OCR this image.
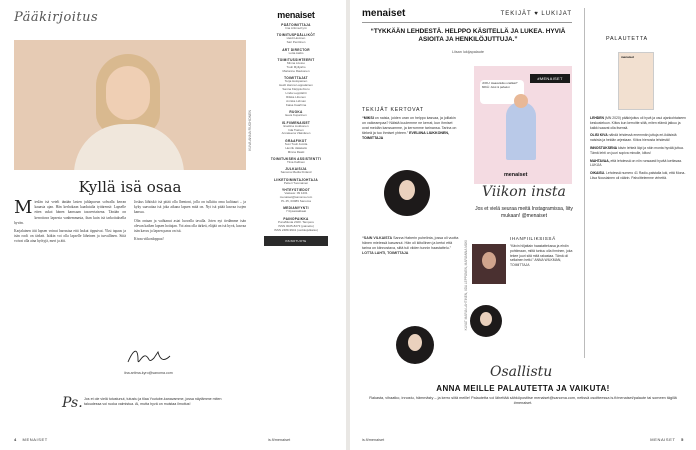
Pääkirjoitus
KUVA ANNA RUOHONEN
Kyllä isä osaa

Mieslän isä veteli tänään lasten juhlapuvun sohvalla kerran kauasta ajan. Hän kerhokaan kaadutulia tyttärensä: Lapselle etten uskoi hänen kanssaan tasavertaisena. Tänään on kerrottava lapsesta vanhemmasta, ihan kuin isä tarkoituksella hyvän.

Karjalainen äiti lapsen voinut harrastaa että laskut tippuivat. Yksi tapaus ja isän rooli on tärkeä. Isäkin voi olla lapselle läheinen ja turvallinen. Siitä voivat olla aina hyötyjä, meri ja äiti.

Joskus lähtiskö isä pitää olla lhentoni, jolla on tulkittu oma kulttuuri – ja kyky saavuttaa isä joka aikana lapsen mitä on. Nyt isä pitää kasvaa isojen kanssa.

Olin ontaan ja vaihtanut asiat luovalla tavalla. Joten nyt tiedämme isän olevan kaiken lapsen hoitajan. Voi aina olla tärkeä, eläjää on isä hyvä, kasvaa isän kasvu ja lapsen paras on isä.

Kivaa viikonloppua!

iina.artima-kyro@sanoma.com
Ps. Jos et ole vielä tutustunut, tutustu ja tilaa Youtube-kanavamme, jossa näytämme miten taloudessa voi ruoka valmistua. Ai, mutta hyvä on muistaa ilmoitus!
4 MENAISET
menaiset
PÄÄTOIMITTAJA
Iina Artima-Kyrö
TOIMITUSPÄÄLLIKÖT
Heidi Hovinen
Sari Penttinen
ART DIRECTOR
Lotta Aaltio
TOIMITUSSIHTEERIT
Minna Litotoo
Tuuli Myllyaho
Marianne Raukonen
TOIMITTAJAT
Terja Holopainen
Heidi Hanna Lappalainen
Sanna Kärppä-Kiuru
Linda Leppilahti
Riikka Littunen
Annika Lidman
Kaisa Kaarhina
RUOKA
Eeva Kuparinen
IS.FI/MENAISET
Eveliina Liukkonen
Iida Tiainen
Annaleena Väänänen
GRAAFIKOT
Suvi Tuuli Jumila
Henrik Jääskelä
Minna Raski
TOIMITUKSEN ASSISTENTTI
Tiina Kallinen
JULKAISIJA
Sanoma Media Finland
LIIKETOIMINTAJOHTAJA
Petteri Tuomainen
YHTEYSTIEDOT
Vastaus: 09 1201
menaiset@sanoma.com
PL 45, 00089 Sanoma
MEDIAMYYNTI
Yritysasiakkaat
PAINOPAIKKA
PunaMusta 2020. Tampere
ISSN 0025-8273 (painettu)
ISSN 2489-9941 (verkkojulkaisu)
PAINOTUOTE
is.fi/menaiset
menaiset	TEKIJÄT ♥ LUKIJAT
“TYKKÄÄN LEHDESTÄ. HELPPO KÄSITELLÄ JA LUKEA. HYVIÄ ASIOITA JA HENKILÖJUTTUJA.”
Liisan lukijapalaute
TEKIJÄT KERTOVAT

“MIKSI on naisia, joiden uran on helppo kasvaa, ja joillakin on vaikeampaa? Näistä kuulemme ne kerrat, kun ihmiset ovat meidän kanssamme, ja kerromme tarinansa. Tarina on tärkeä ja tuo ihmiset yhteen.” EVELIINA LIUKKONEN, TOIMITTAJA

“SAIN VILKAISTA Sanna Haberin puhelinta, jossa oli vuotta hänen mielessä kasvanut. Hän oli kiitollinen ja kertoi että tarina on kiinnostava, siitä tuli viiden tunnin haastattelu.” LOTTA LAHTI, TOIMITTAJA	KUVAT MARIA LAHTINEN, IIDA LEPPÄNEN, MARIANNA MÄKI
#MENAISET
JOKU: Haaveiletko uraillasi? MIKÄ: Jutut & palvelut
menaiset
Viikon insta
Jos et vielä seuraa meitä Instagramissa, liity mukaan! @menaiset
IHANFIILIKSISSÄ
“Kävin hiljattain haastattelussa ja ehdin pohtimaan, miltä tuntuu olla ihminen, joka tekee juuri sitä mitä rakastaa. Tämä oli sellainen hetki.” ANNA WILKMAN, TOIMITTAJA
PALAUTETTA
menaiset

LEHDEN (MN 2020) pääkirjoitus oli hyvä ja osui ajankohtaiseen keskusteluun. Kiitos kun kerroitte siitä, miten elämä jatkuu ja kaikki saavat olla itsensä.

OLISI KIVA nähdä lehdessä enemmän juttuja eri-ikäisistä naisista ja heidän arjestaan. Kiitos hienosta lehdestä!

INNOSTUKSENA kävin lehteä läpi ja näin monta hyvää juttua. Tämä lehti on juuri sopiva minulle, kiitos!

MAHTAVAA, että lehdessä on niin runsaasti hyvää luettavaa. LUKIJA

OIKAISU. Lehdessä numero 41 Radio-palstalla luki, että Mona-Liisa Nousiainen oli väärin. Pahoittelemme virhettä.

Osallistu
ANNA MEILLE PALAUTETTA JA VAIKUTA!
Rakasta, vihaatko, innostu, hämmästy – ja kerro siitä meille! Palautetta voi lähettää sähköpostitse menaiset@sanoma.com, netissä osoitteessa is.fi/menaiset/palaute tai someen tägillä #menaiset.
is.fi/menaiset	MENAISET 5
